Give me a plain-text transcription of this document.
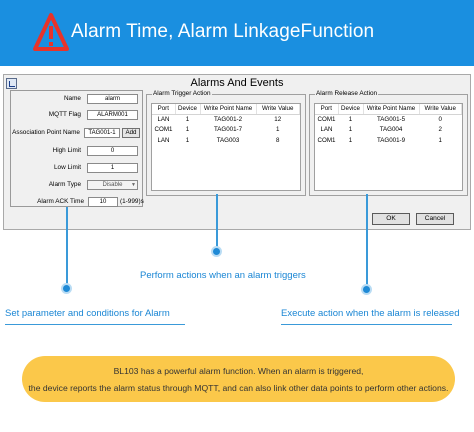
Alarm Time, Alarm LinkageFunction
Alarms And Events
Name	alarm
MQTT Flag	ALARM001
Association Point Name	TAG001-1	Add
High Limit	0
Low Limit	1
Alarm Type	Disable ▼
Alarm ACK Time	10	(1-999)s
Alarm Trigger Action
Port	Device	Write Point Name	Write Value
LAN	1	TAG001-2	12
COM1	1	TAG001-7	1
LAN	1	TAG003	8
Alarm Release Action
Port	Device	Write Point Name	Write Value
COM1	1	TAG001-5	0
LAN	1	TAG004	2
COM1	1	TAG001-9	1
OK	Cancel
Perform actions when an alarm triggers
Set parameter and conditions for Alarm	Execute action when the alarm is released
BL103 has a powerful alarm function. When an alarm is triggered,
the device reports the alarm status through MQTT, and can also link other data points to perform other actions.
